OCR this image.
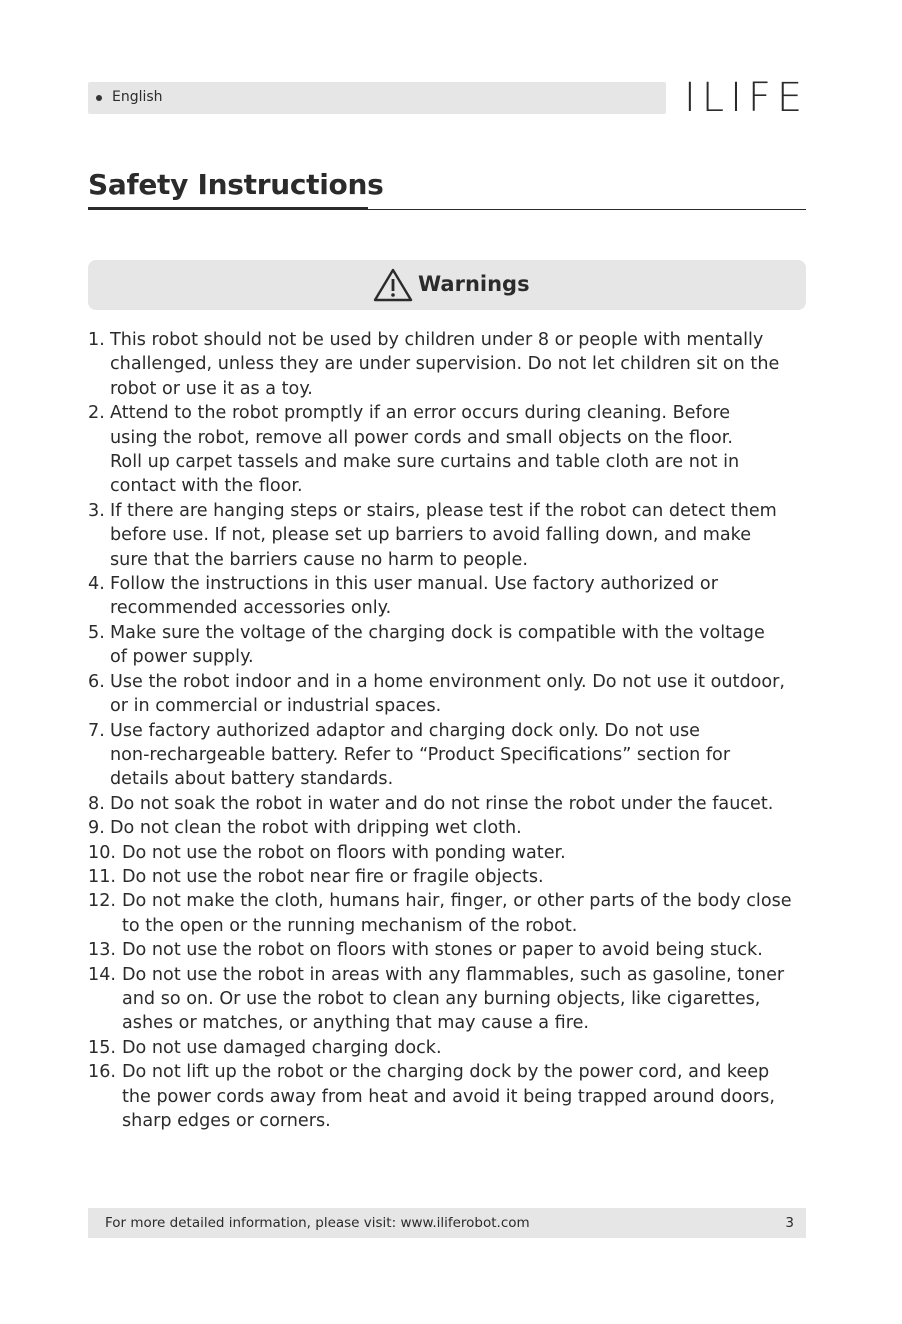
English	ILIFE
Safety Instructions
Warnings
1. This robot should not be used by children under 8 or people with mentally
challenged, unless they are under supervision. Do not let children sit on the
robot or use it as a toy.
2. Attend to the robot promptly if an error occurs during cleaning. Before
using the robot, remove all power cords and small objects on the floor.
Roll up carpet tassels and make sure curtains and table cloth are not in
contact with the floor.
3. If there are hanging steps or stairs, please test if the robot can detect them
before use. If not, please set up barriers to avoid falling down, and make
sure that the barriers cause no harm to people.
4. Follow the instructions in this user manual. Use factory authorized or
recommended accessories only.
5. Make sure the voltage of the charging dock is compatible with the voltage
of power supply.
6. Use the robot indoor and in a home environment only. Do not use it outdoor,
or in commercial or industrial spaces.
7. Use factory authorized adaptor and charging dock only. Do not use
non-rechargeable battery. Refer to “Product Specifications” section for
details about battery standards.
8. Do not soak the robot in water and do not rinse the robot under the faucet.
9. Do not clean the robot with dripping wet cloth.
10. Do not use the robot on floors with ponding water.
11. Do not use the robot near fire or fragile objects.
12. Do not make the cloth, humans hair, finger, or other parts of the body close
to the open or the running mechanism of the robot.
13. Do not use the robot on floors with stones or paper to avoid being stuck.
14. Do not use the robot in areas with any flammables, such as gasoline, toner
and so on. Or use the robot to clean any burning objects, like cigarettes,
ashes or matches, or anything that may cause a fire.
15. Do not use damaged charging dock.
16. Do not lift up the robot or the charging dock by the power cord, and keep
the power cords away from heat and avoid it being trapped around doors,
sharp edges or corners.
For more detailed information, please visit: www.iliferobot.com	3
